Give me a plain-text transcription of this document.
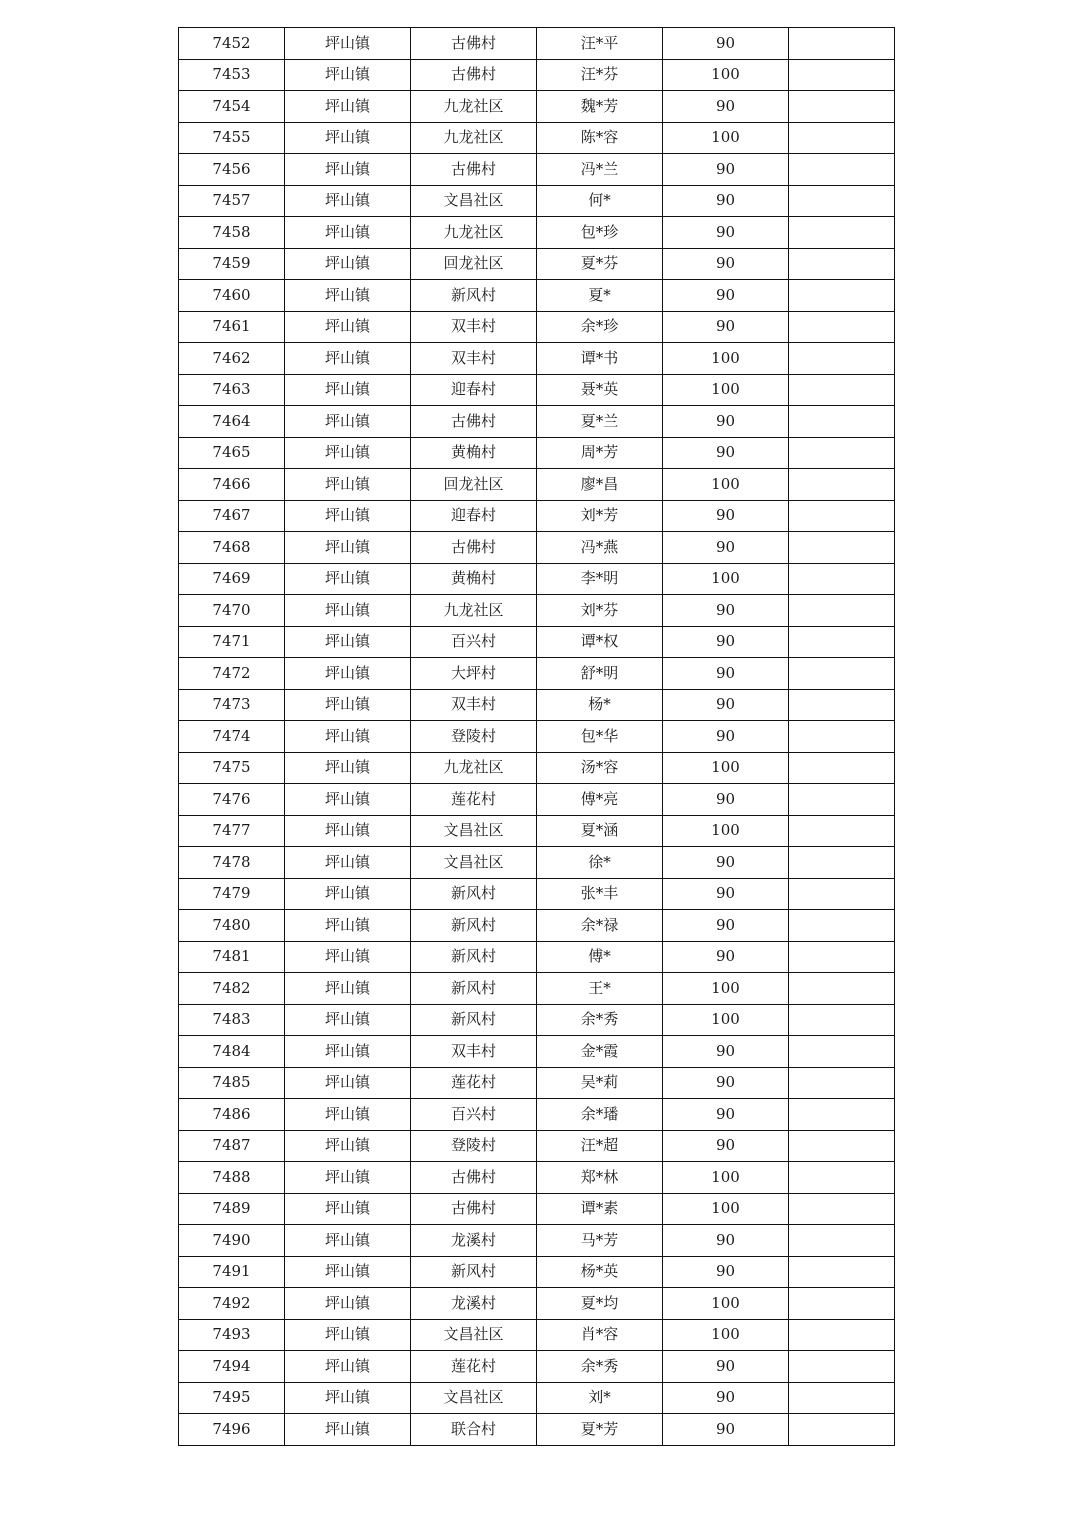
7452	坪山镇	古佛村	汪*平	90	
7453	坪山镇	古佛村	汪*芬	100	
7454	坪山镇	九龙社区	魏*芳	90	
7455	坪山镇	九龙社区	陈*容	100	
7456	坪山镇	古佛村	冯*兰	90	
7457	坪山镇	文昌社区	何*	90	
7458	坪山镇	九龙社区	包*珍	90	
7459	坪山镇	回龙社区	夏*芬	90	
7460	坪山镇	新风村	夏*	90	
7461	坪山镇	双丰村	余*珍	90	
7462	坪山镇	双丰村	谭*书	100	
7463	坪山镇	迎春村	聂*英	100	
7464	坪山镇	古佛村	夏*兰	90	
7465	坪山镇	黄桷村	周*芳	90	
7466	坪山镇	回龙社区	廖*昌	100	
7467	坪山镇	迎春村	刘*芳	90	
7468	坪山镇	古佛村	冯*燕	90	
7469	坪山镇	黄桷村	李*明	100	
7470	坪山镇	九龙社区	刘*芬	90	
7471	坪山镇	百兴村	谭*权	90	
7472	坪山镇	大坪村	舒*明	90	
7473	坪山镇	双丰村	杨*	90	
7474	坪山镇	登陵村	包*华	90	
7475	坪山镇	九龙社区	汤*容	100	
7476	坪山镇	莲花村	傅*亮	90	
7477	坪山镇	文昌社区	夏*涵	100	
7478	坪山镇	文昌社区	徐*	90	
7479	坪山镇	新风村	张*丰	90	
7480	坪山镇	新风村	余*禄	90	
7481	坪山镇	新风村	傅*	90	
7482	坪山镇	新风村	王*	100	
7483	坪山镇	新风村	余*秀	100	
7484	坪山镇	双丰村	金*霞	90	
7485	坪山镇	莲花村	吴*莉	90	
7486	坪山镇	百兴村	余*璠	90	
7487	坪山镇	登陵村	汪*超	90	
7488	坪山镇	古佛村	郑*林	100	
7489	坪山镇	古佛村	谭*素	100	
7490	坪山镇	龙溪村	马*芳	90	
7491	坪山镇	新风村	杨*英	90	
7492	坪山镇	龙溪村	夏*均	100	
7493	坪山镇	文昌社区	肖*容	100	
7494	坪山镇	莲花村	余*秀	90	
7495	坪山镇	文昌社区	刘*	90	
7496	坪山镇	联合村	夏*芳	90	
